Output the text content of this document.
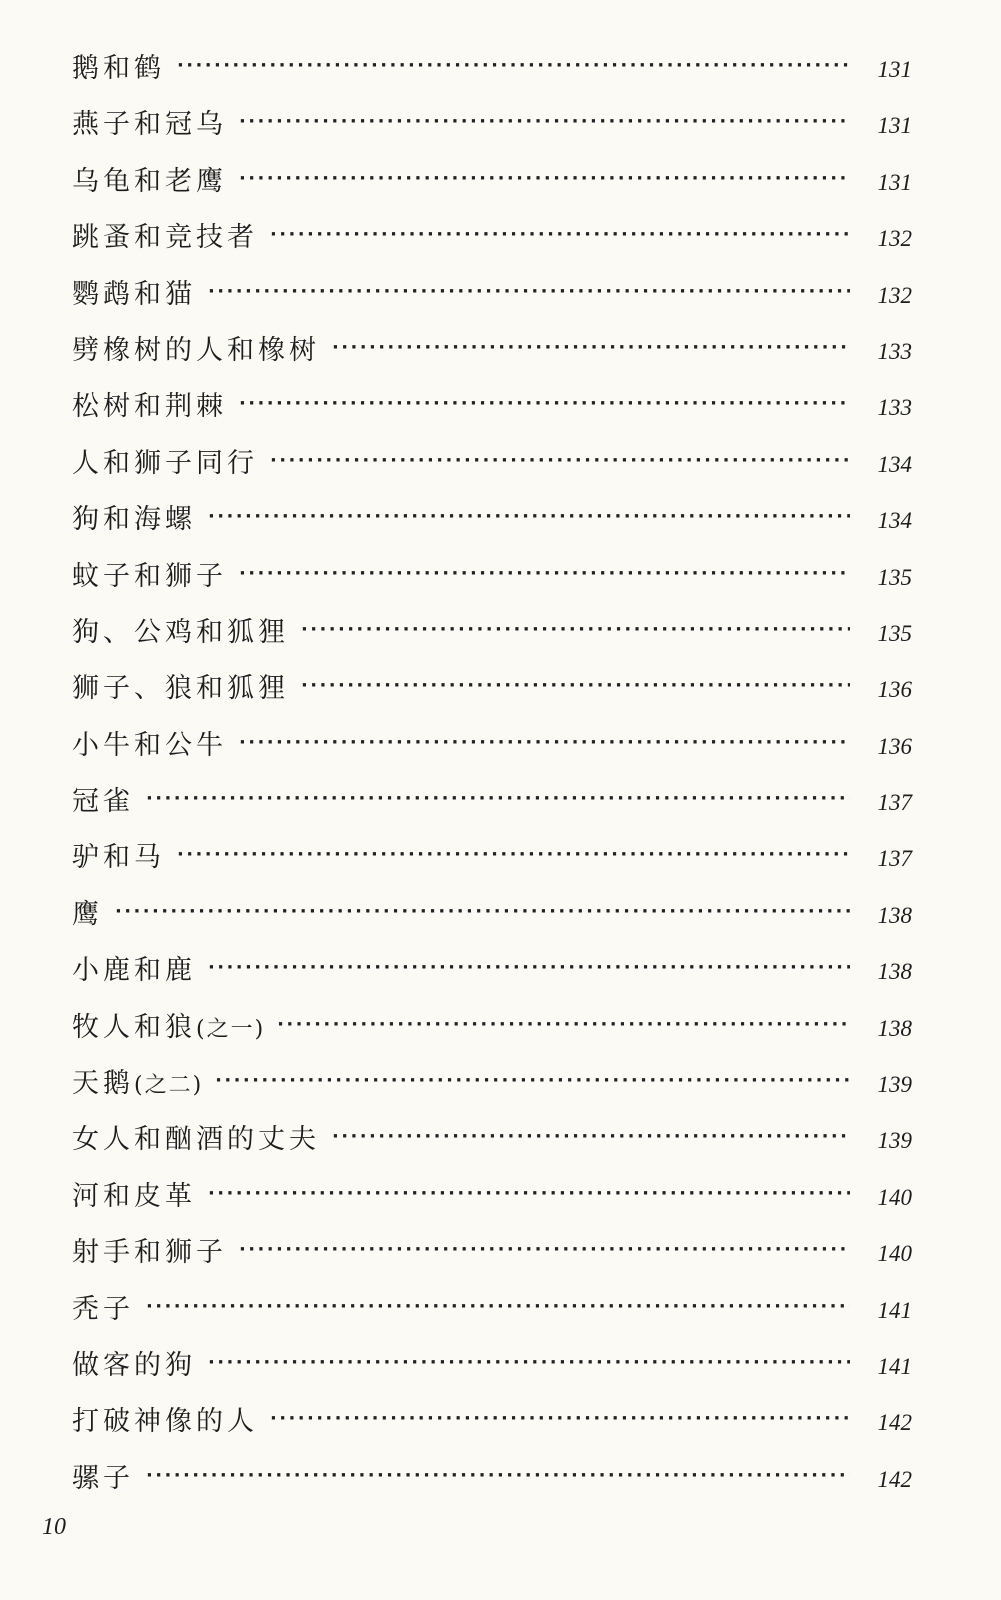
鹅和鹤 ·····	131
燕子和冠乌 ·····	131
乌龟和老鹰 ·····	131
跳蚤和竞技者 ·····	132
鹦鹉和猫 ·····	132
劈橡树的人和橡树 ·····	133
松树和荆棘 ·····	133
人和狮子同行 ·····	134
狗和海螺 ·····	134
蚊子和狮子 ·····	135
狗、公鸡和狐狸 ·····	135
狮子、狼和狐狸 ·····	136
小牛和公牛 ·····	136
冠雀 ·····	137
驴和马 ·····	137
鹰 ·····	138
小鹿和鹿 ·····	138
牧人和狼(之一) ·····	138
天鹅(之二) ·····	139
女人和酗酒的丈夫 ·····	139
河和皮革 ·····	140
射手和狮子 ·····	140
秃子 ·····	141
做客的狗 ·····	141
打破神像的人 ·····	142
骡子 ·····	142
10
